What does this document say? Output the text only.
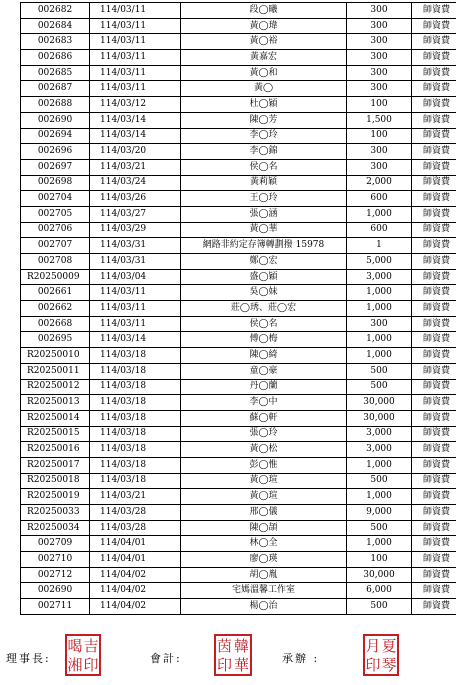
002682	114/03/11	段◯曦	300	師資費
002684	114/03/11	黃◯瑋	300	師資費
002683	114/03/11	黃◯裕	300	師資費
002686	114/03/11	黃嘉宏	300	師資費
002685	114/03/11	黃◯和	300	師資費
002687	114/03/11	黃◯	300	師資費
002688	114/03/12	杜◯穎	100	師資費
002690	114/03/14	陳◯芳	1,500	師資費
002694	114/03/14	李◯玲	100	師資費
002696	114/03/20	李◯錦	300	師資費
002697	114/03/21	侯◯名	300	師資費
002698	114/03/24	黃莉穎	2,000	師資費
002704	114/03/26	王◯玲	600	師資費
002705	114/03/27	張◯涵	1,000	師資費
002706	114/03/29	黃◯華	600	師資費
002707	114/03/31	網路非約定存簿轉劃撥 15978	1	師資費
002708	114/03/31	鄭◯宏	5,000	師資費
R20250009	114/03/04	盛◯穎	3,000	師資費
002661	114/03/11	吳◯妹	1,000	師資費
002662	114/03/11	莊◯琇、莊◯宏	1,000	師資費
002668	114/03/11	侯◯名	300	師資費
002695	114/03/14	傅◯梅	1,000	師資費
R20250010	114/03/18	陳◯綺	1,000	師資費
R20250011	114/03/18	童◯豪	500	師資費
R20250012	114/03/18	丹◯蘭	500	師資費
R20250013	114/03/18	李◯中	30,000	師資費
R20250014	114/03/18	蘇◯軒	30,000	師資費
R20250015	114/03/18	張◯玲	3,000	師資費
R20250016	114/03/18	黃◯松	3,000	師資費
R20250017	114/03/18	彭◯惟	1,000	師資費
R20250018	114/03/18	黃◯瑄	500	師資費
R20250019	114/03/21	黃◯瑄	1,000	師資費
R20250033	114/03/28	邢◯儀	9,000	師資費
R20250034	114/03/28	陳◯頡	500	師資費
002709	114/04/01	林◯全	1,000	師資費
002710	114/04/01	廖◯瑛	100	師資費
002712	114/04/02	胡◯胤	30,000	師資費
002690	114/04/02	宅媽溫馨工作室	6,000	師資費
002711	114/04/02	楊◯治	500	師資費
理事長:
喝 吉
湘 印	會計:
茵 韓
印 華	承辦 :
月 夏
印 琴
